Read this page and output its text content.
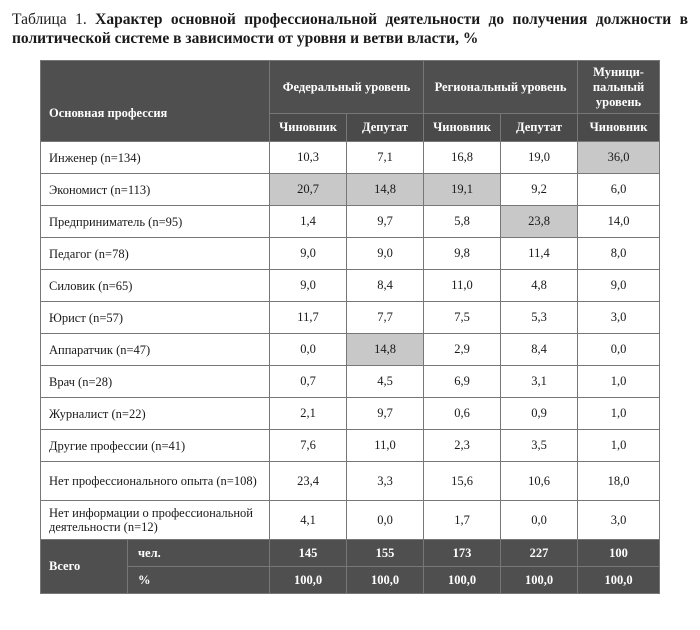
Таблица 1. Характер основной профессиональной деятельности до получения должности в политической системе в зависимости от уровня и ветви власти, %
Основная профессия		Федеральный уровень		Региональный уровень		Муници-пальный уровень
		Чиновник	Депутат	Чиновник	Депутат	Чиновник
Инженер (n=134)		10,3	7,1	16,8	19,0	36,0
Экономист (n=113)		20,7	14,8	19,1	9,2	6,0
Предприниматель (n=95)		1,4	9,7	5,8	23,8	14,0
Педагог (n=78)		9,0	9,0	9,8	11,4	8,0
Силовик (n=65)		9,0	8,4	11,0	4,8	9,0
Юрист (n=57)		11,7	7,7	7,5	5,3	3,0
Аппаратчик (n=47)		0,0	14,8	2,9	8,4	0,0
Врач (n=28)		0,7	4,5	6,9	3,1	1,0
Журналист (n=22)		2,1	9,7	0,6	0,9	1,0
Другие профессии (n=41)		7,6	11,0	2,3	3,5	1,0
Нет профессионального опыта (n=108)		23,4	3,3	15,6	10,6	18,0
Нет информации о профессиональной деятельности (n=12)		4,1	0,0	1,7	0,0	3,0
Всего	чел.	145	155	173	227	100
	%	100,0	100,0	100,0	100,0	100,0
